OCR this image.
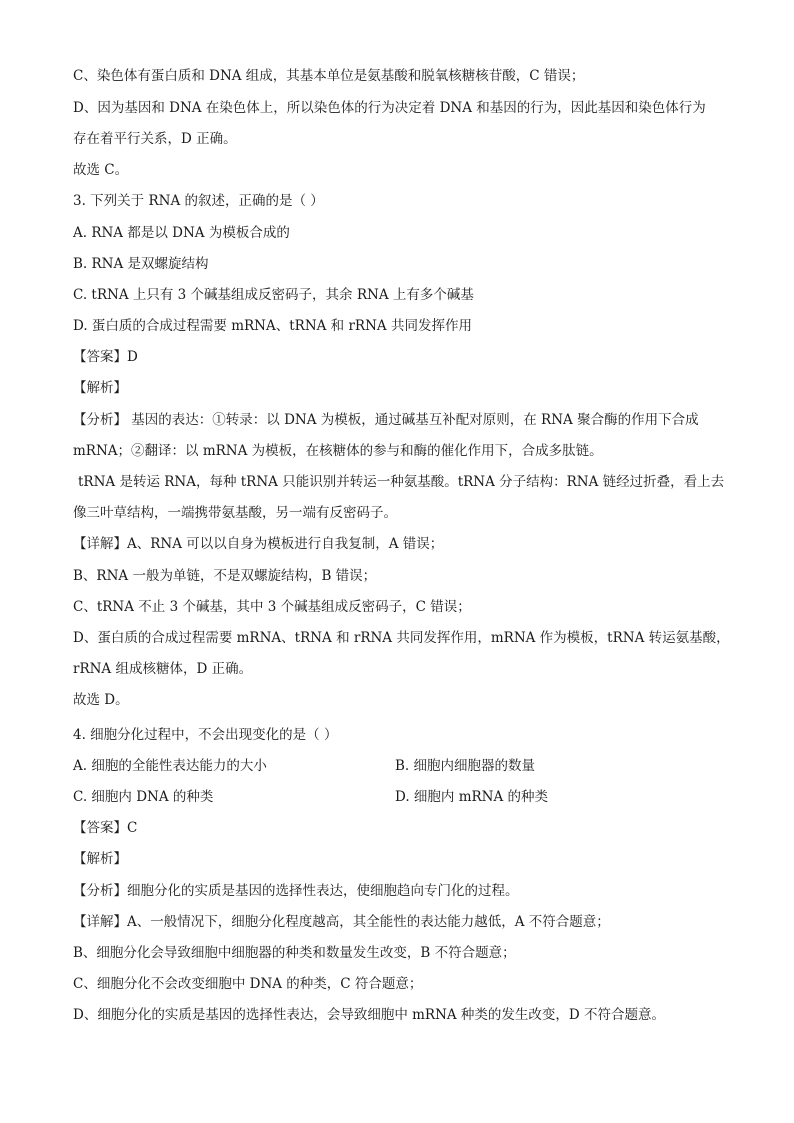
C、染色体有蛋白质和 DNA 组成，其基本单位是氨基酸和脱氧核糖核苷酸，C 错误；
D、因为基因和 DNA 在染色体上，所以染色体的行为决定着 DNA 和基因的行为，因此基因和染色体行为
存在着平行关系，D 正确。
故选 C。
3. 下列关于 RNA 的叙述，正确的是（ ）
A. RNA 都是以 DNA 为模板合成的
B. RNA 是双螺旋结构
C. tRNA 上只有 3 个碱基组成反密码子，其余 RNA 上有多个碱基
D. 蛋白质的合成过程需要 mRNA、tRNA 和 rRNA 共同发挥作用
【答案】D
【解析】
【分析】 基因的表达：①转录：以 DNA 为模板，通过碱基互补配对原则，在 RNA 聚合酶的作用下合成
mRNA；②翻译：以 mRNA 为模板，在核糖体的参与和酶的催化作用下，合成多肽链。
tRNA 是转运 RNA，每种 tRNA 只能识别并转运一种氨基酸。tRNA 分子结构：RNA 链经过折叠，看上去
像三叶草结构，一端携带氨基酸，另一端有反密码子。
【详解】A、RNA 可以以自身为模板进行自我复制，A 错误；
B、RNA 一般为单链，不是双螺旋结构，B 错误；
C、tRNA 不止 3 个碱基，其中 3 个碱基组成反密码子，C 错误；
D、蛋白质的合成过程需要 mRNA、tRNA 和 rRNA 共同发挥作用，mRNA 作为模板，tRNA 转运氨基酸，
rRNA 组成核糖体，D 正确。
故选 D。
4. 细胞分化过程中，不会出现变化的是（ ）
A. 细胞的全能性表达能力的大小	B. 细胞内细胞器的数量
C. 细胞内 DNA 的种类	D. 细胞内 mRNA 的种类
【答案】C
【解析】
【分析】细胞分化的实质是基因的选择性表达，使细胞趋向专门化的过程。
【详解】A、一般情况下，细胞分化程度越高，其全能性的表达能力越低，A 不符合题意；
B、细胞分化会导致细胞中细胞器的种类和数量发生改变，B 不符合题意；
C、细胞分化不会改变细胞中 DNA 的种类，C 符合题意；
D、细胞分化的实质是基因的选择性表达，会导致细胞中 mRNA 种类的发生改变，D 不符合题意。
